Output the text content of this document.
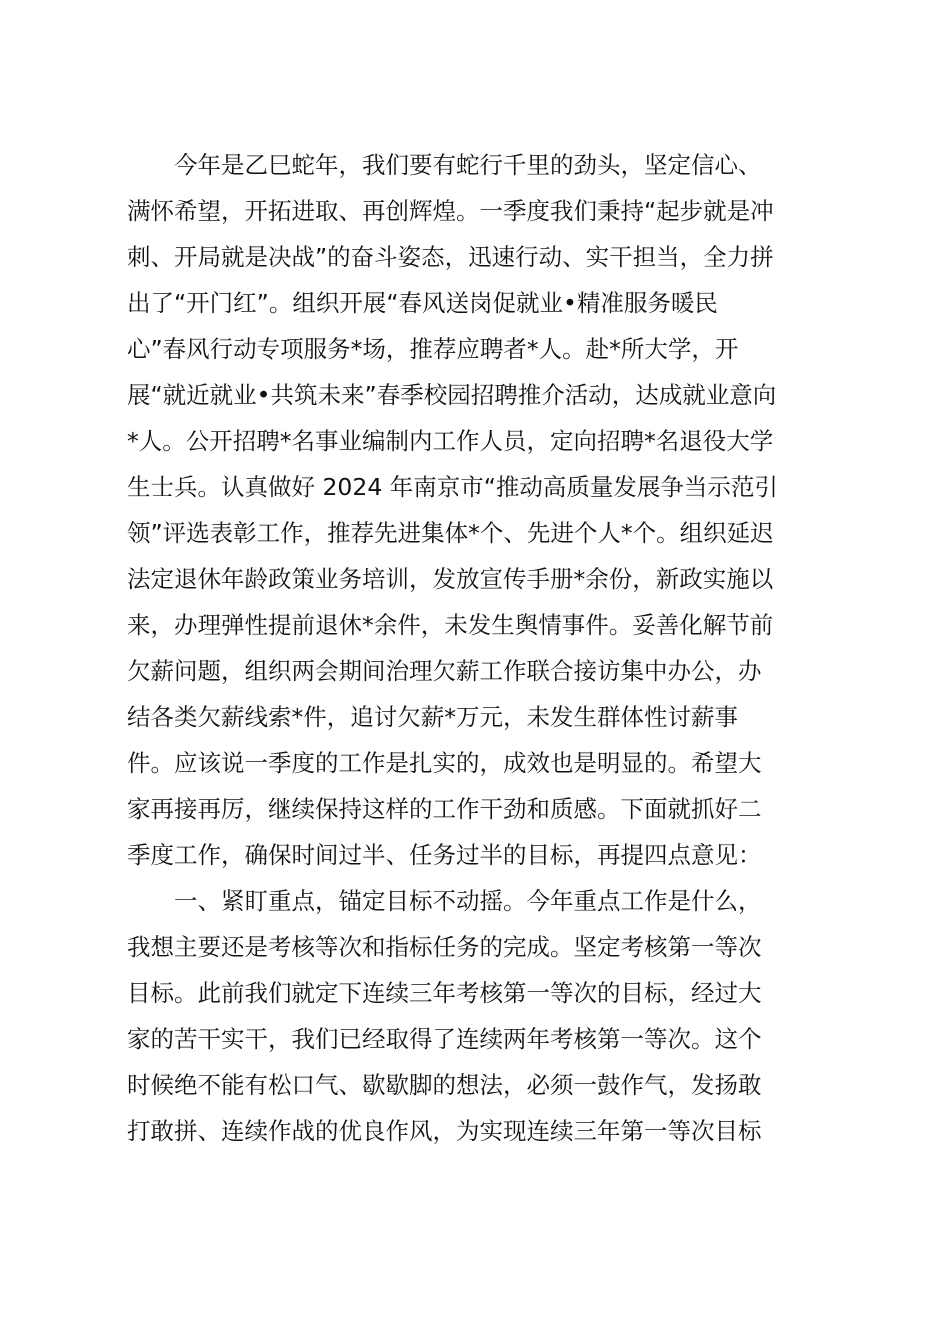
　　今年是乙巳蛇年，我们要有蛇行千里的劲头，坚定信心、
满怀希望，开拓进取、再创辉煌。一季度我们秉持“起步就是冲
刺、开局就是决战”的奋斗姿态，迅速行动、实干担当，全力拼
出了“开门红”。组织开展“春风送岗促就业•精准服务暖民
心”春风行动专项服务*场，推荐应聘者*人。赴*所大学，开
展“就近就业•共筑未来”春季校园招聘推介活动，达成就业意向
*人。公开招聘*名事业编制内工作人员，定向招聘*名退役大学
生士兵。认真做好 2024 年南京市“推动高质量发展争当示范引
领”评选表彰工作，推荐先进集体*个、先进个人*个。组织延迟
法定退休年龄政策业务培训，发放宣传手册*余份，新政实施以
来，办理弹性提前退休*余件，未发生舆情事件。妥善化解节前
欠薪问题，组织两会期间治理欠薪工作联合接访集中办公，办
结各类欠薪线索*件，追讨欠薪*万元，未发生群体性讨薪事
件。应该说一季度的工作是扎实的，成效也是明显的。希望大
家再接再厉，继续保持这样的工作干劲和质感。下面就抓好二
季度工作，确保时间过半、任务过半的目标，再提四点意见：
　　一、紧盯重点，锚定目标不动摇。今年重点工作是什么，
我想主要还是考核等次和指标任务的完成。坚定考核第一等次
目标。此前我们就定下连续三年考核第一等次的目标，经过大
家的苦干实干，我们已经取得了连续两年考核第一等次。这个
时候绝不能有松口气、歇歇脚的想法，必须一鼓作气，发扬敢
打敢拼、连续作战的优良作风，为实现连续三年第一等次目标
